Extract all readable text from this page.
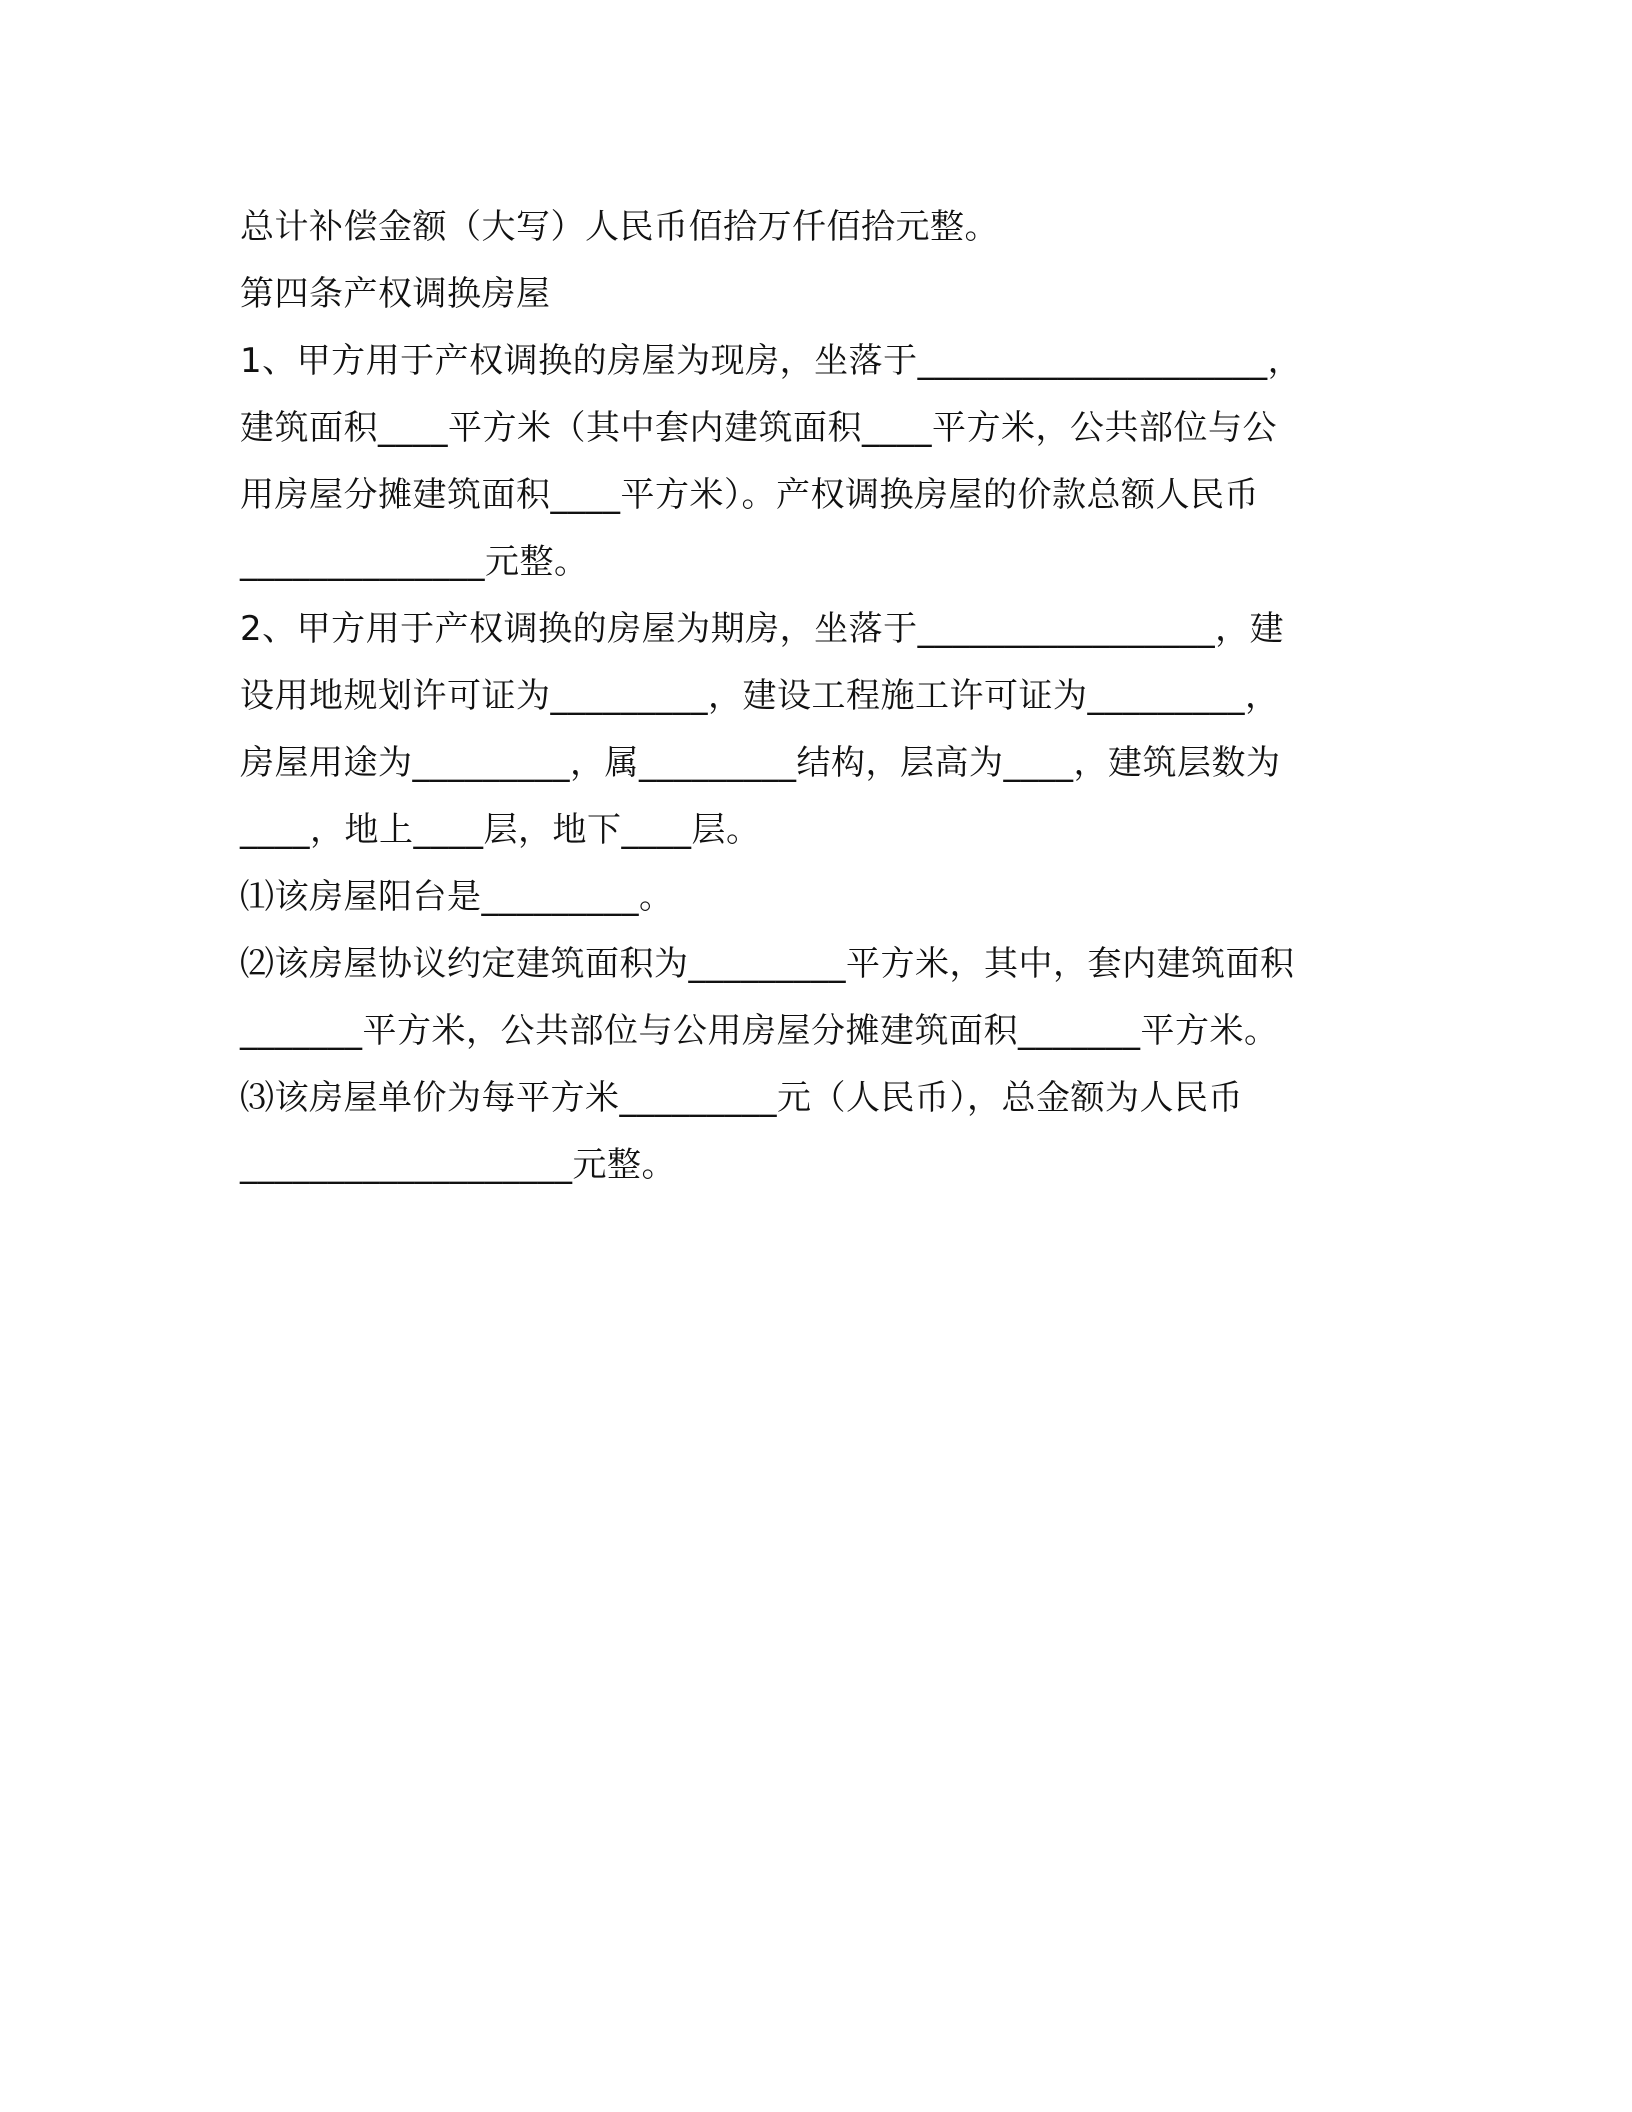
总计补偿金额（大写）人民币佰拾万仟佰拾元整。
第四条产权调换房屋
1、甲方用于产权调换的房屋为现房，坐落于____________________，
建筑面积____平方米（其中套内建筑面积____平方米，公共部位与公
用房屋分摊建筑面积____平方米）。产权调换房屋的价款总额人民币
______________元整。
2、甲方用于产权调换的房屋为期房，坐落于_________________，建
设用地规划许可证为_________，建设工程施工许可证为_________，
房屋用途为_________，属_________结构，层高为____，建筑层数为
____，地上____层，地下____层。
⑴该房屋阳台是_________。
⑵该房屋协议约定建筑面积为_________平方米，其中，套内建筑面积
_______平方米，公共部位与公用房屋分摊建筑面积_______平方米。
⑶该房屋单价为每平方米_________元（人民币），总金额为人民币
___________________元整。
